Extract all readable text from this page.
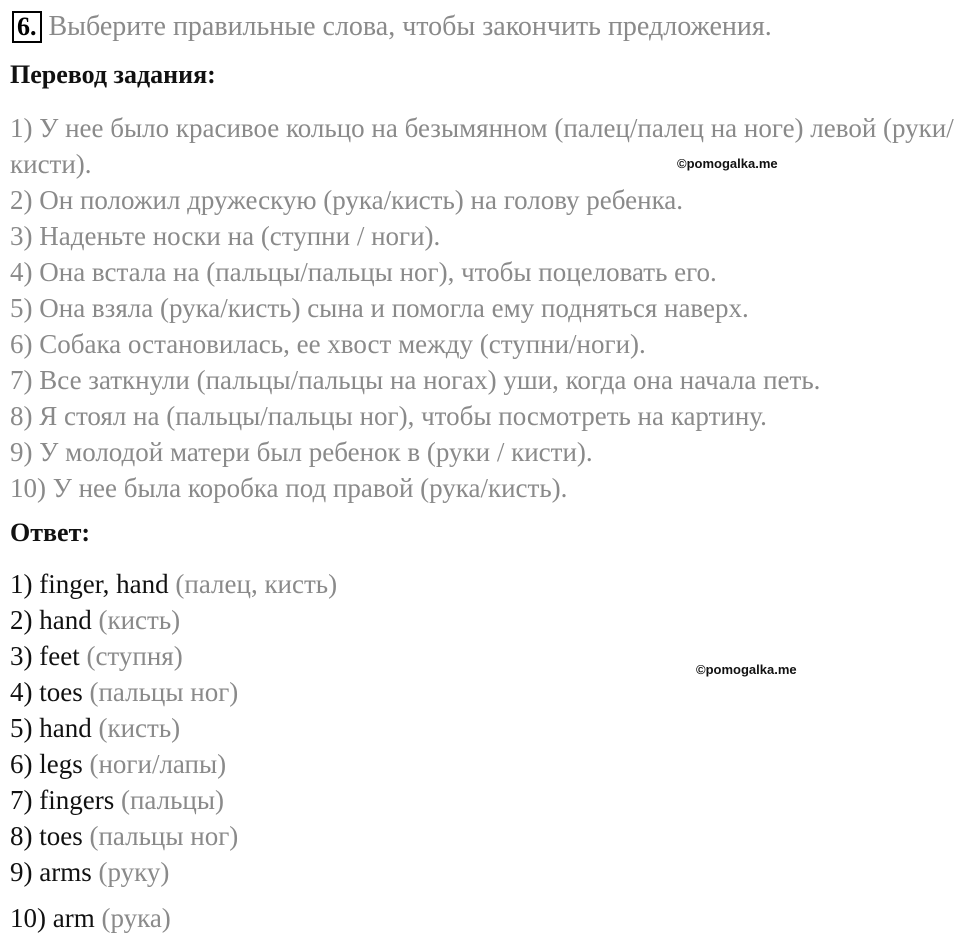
6. Выберите правильные слова, чтобы закончить предложения.
Перевод задания:
1) У нее было красивое кольцо на безымянном (палец/палец на ноге) левой (руки/кисти).
2) Он положил дружескую (рука/кисть) на голову ребенка.
3) Наденьте носки на (ступни / ноги).
4) Она встала на (пальцы/пальцы ног), чтобы поцеловать его.
5) Она взяла (рука/кисть) сына и помогла ему подняться наверх.
6) Собака остановилась, ее хвост между (ступни/ноги).
7) Все заткнули (пальцы/пальцы на ногах) уши, когда она начала петь.
8) Я стоял на (пальцы/пальцы ног), чтобы посмотреть на картину.
9) У молодой матери был ребенок в (руки / кисти).
10) У нее была коробка под правой (рука/кисть).
Ответ:
1) finger, hand (палец, кисть)
2) hand (кисть)
3) feet (ступня)
4) toes (пальцы ног)
5) hand (кисть)
6) legs (ноги/лапы)
7) fingers (пальцы)
8) toes (пальцы ног)
9) arms (руку)
10) arm (рука)
©pomogalka.me
©pomogalka.me
